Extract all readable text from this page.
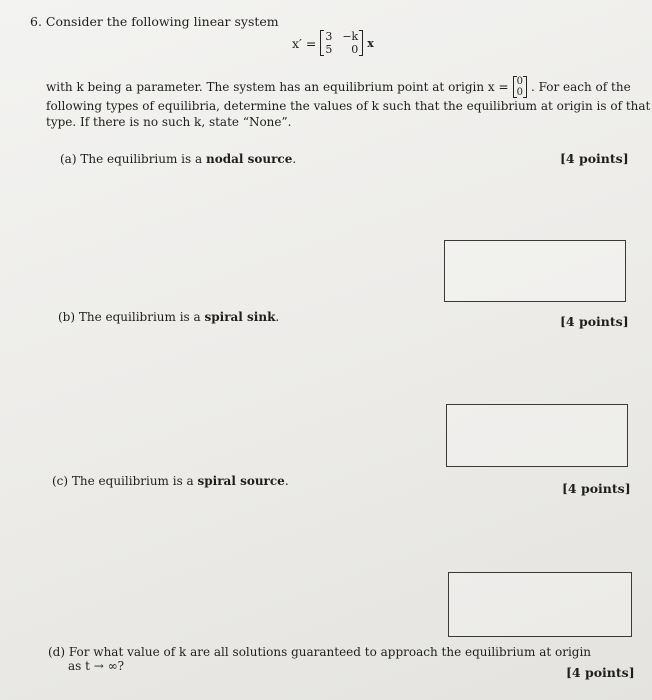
6. Consider the following linear system
x′ = 3 −k
5	0 x
with k being a parameter. The system has an equilibrium point at origin x = 0
0 . For each of the
following types of equilibria, determine the values of k such that the equilibrium at origin is of that
type. If there is no such k, state “None”.
(a) The equilibrium is a nodal source.	[4 points]
(b) The equilibrium is a spiral sink.	[4 points]
(c) The equilibrium is a spiral source.	[4 points]
(d) For what value of k are all solutions guaranteed to approach the equilibrium at origin
as t → ∞?	[4 points]
